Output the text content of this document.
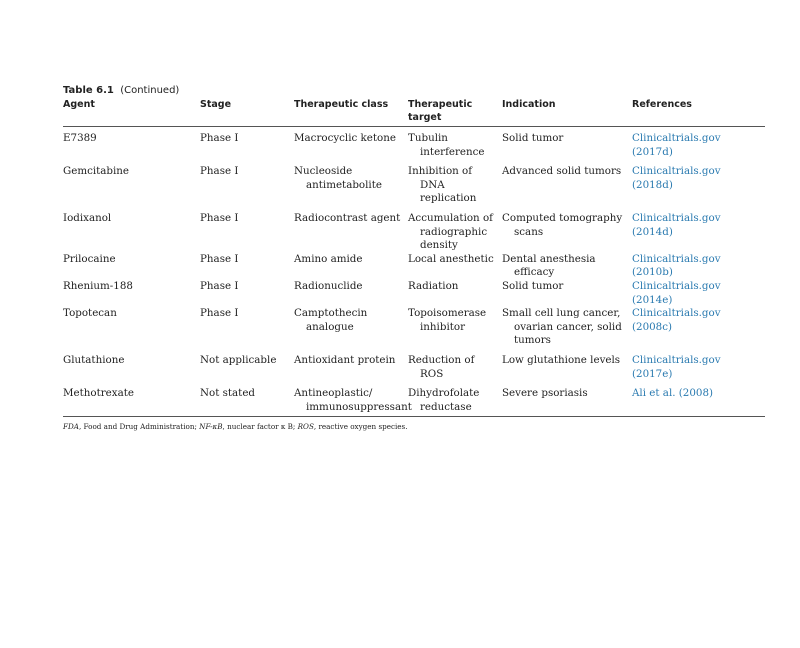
Table 6.1 (Continued)

Agent	Stage	Therapeutic class	Therapeutic target	Indication	References
E7389	Phase I	Macrocyclic ketone	Tubulin interference	Solid tumor	Clinicaltrials.gov (2017d)
Gemcitabine	Phase I	Nucleoside antimetabolite	Inhibition of DNA replication	Advanced solid tumors	Clinicaltrials.gov (2018d)
Iodixanol	Phase I	Radiocontrast agent	Accumulation of radiographic density	Computed tomography scans	Clinicaltrials.gov (2014d)
Prilocaine	Phase I	Amino amide	Local anesthetic	Dental anesthesia efficacy	Clinicaltrials.gov (2010b)
Rhenium-188	Phase I	Radionuclide	Radiation	Solid tumor	Clinicaltrials.gov (2014e)
Topotecan	Phase I	Camptothecin analogue	Topoisomerase inhibitor	Small cell lung cancer, ovarian cancer, solid tumors	Clinicaltrials.gov (2008c)
Glutathione	Not applicable	Antioxidant protein	Reduction of ROS	Low glutathione levels	Clinicaltrials.gov (2017e)
Methotrexate	Not stated	Antineoplastic/ immunosuppressant	Dihydrofolate reductase	Severe psoriasis	Ali et al. (2008)
FDA, Food and Drug Administration; NF-κB, nuclear factor κ B; ROS, reactive oxygen species.
